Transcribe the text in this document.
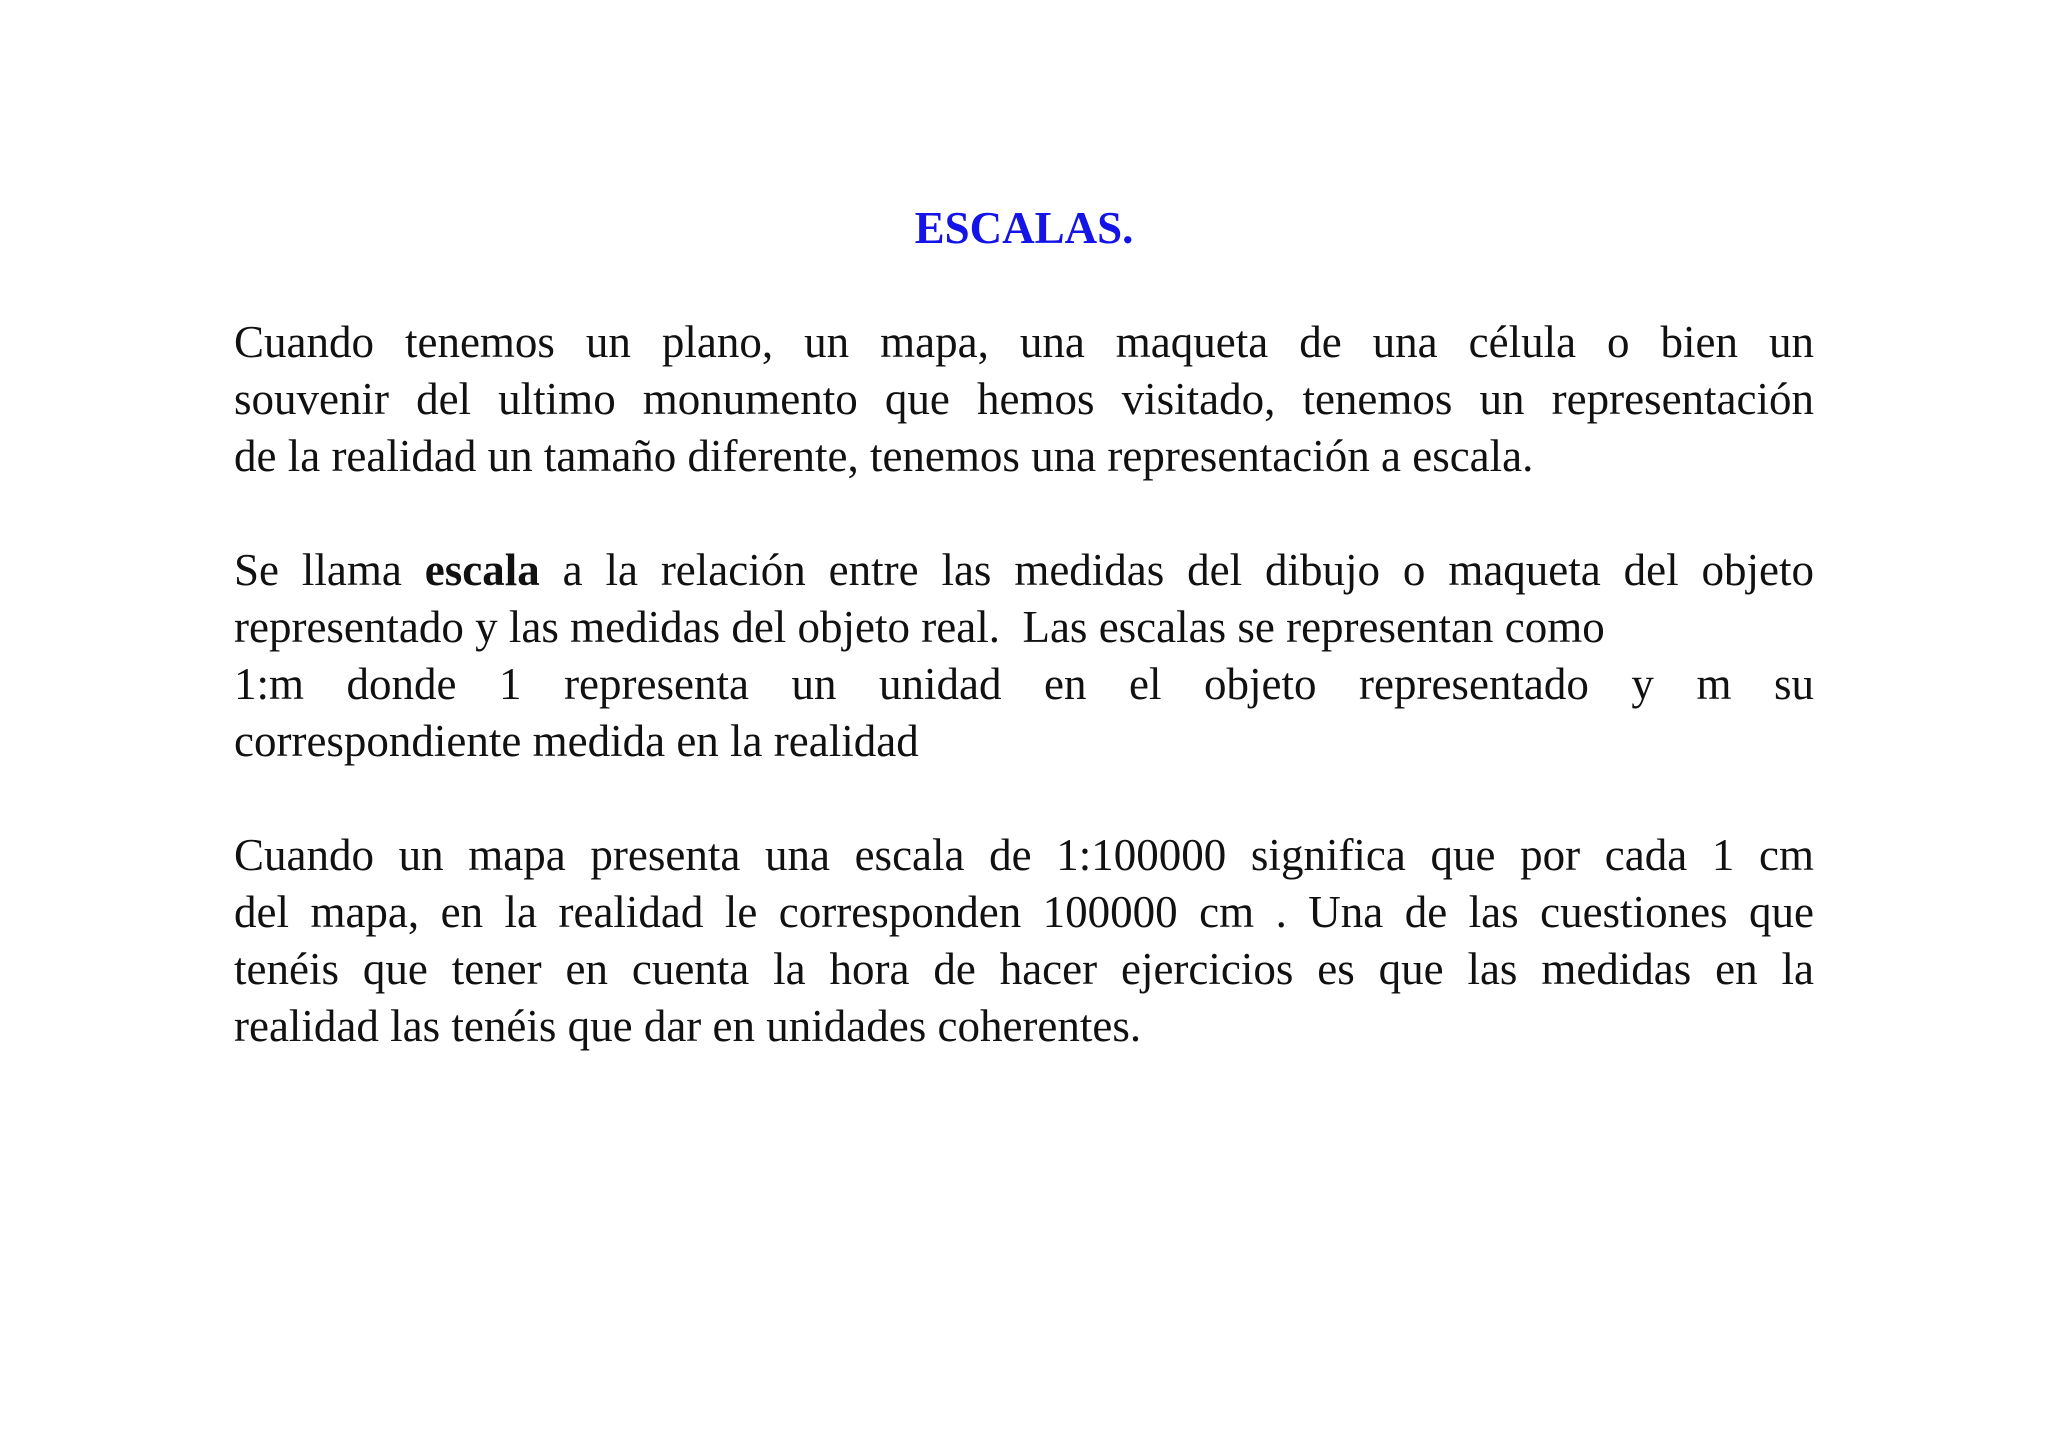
ESCALAS.
Cuando tenemos un plano, un mapa, una maqueta de una célula o bien un
souvenir del ultimo monumento que hemos visitado, tenemos un representación
de la realidad un tamaño diferente, tenemos una representación a escala.
Se llama escala a la relación entre las medidas del dibujo o maqueta del objeto
representado y las medidas del objeto real.  Las escalas se representan como
1:m donde 1 representa un unidad en el objeto representado y m su
correspondiente medida en la realidad
Cuando un mapa presenta una escala de 1:100000 significa que por cada 1 cm
del mapa, en la realidad le corresponden 100000 cm . Una de las cuestiones que
tenéis que tener en cuenta la hora de hacer ejercicios es que las medidas en la
realidad las tenéis que dar en unidades coherentes.
